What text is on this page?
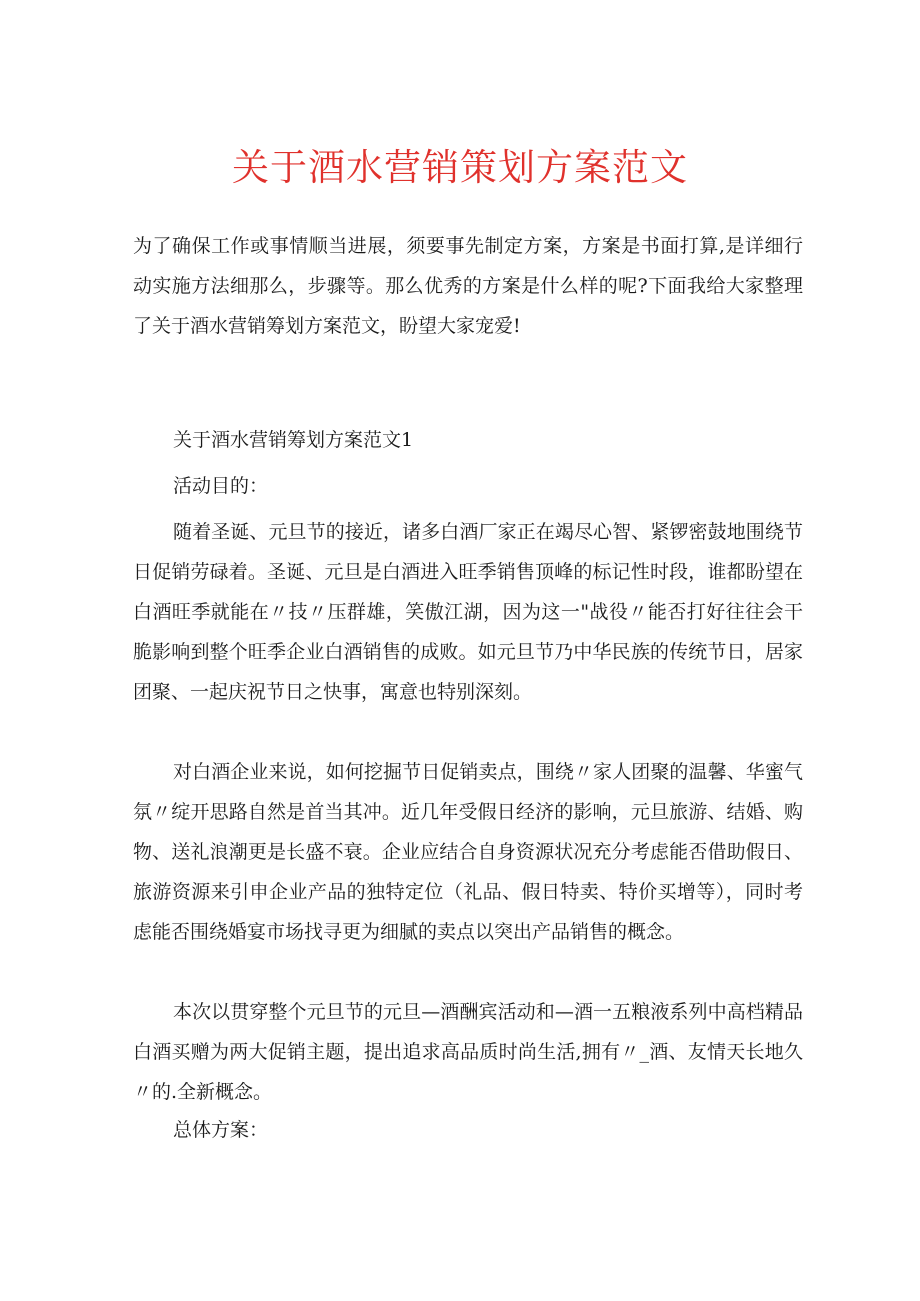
关于酒水营销策划方案范文

为了确保工作或事情顺当进展，须要事先制定方案，方案是书面打算,是详细行动实施方法细那么，步骤等。那么优秀的方案是什么样的呢?下面我给大家整理了关于酒水营销筹划方案范文，盼望大家宠爱!

关于酒水营销筹划方案范文1

活动目的：

随着圣诞、元旦节的接近，诸多白酒厂家正在竭尽心智、紧锣密鼓地围绕节日促销劳碌着。圣诞、元旦是白酒进入旺季销售顶峰的标记性时段，谁都盼望在白酒旺季就能在〃技〃压群雄，笑傲江湖，因为这一"战役〃能否打好往往会干脆影响到整个旺季企业白酒销售的成败。如元旦节乃中华民族的传统节日，居家团聚、一起庆祝节日之快事，寓意也特别深刻。

对白酒企业来说，如何挖掘节日促销卖点，围绕〃家人团聚的温馨、华蜜气氛〃绽开思路自然是首当其冲。近几年受假日经济的影响，元旦旅游、结婚、购物、送礼浪潮更是长盛不衰。企业应结合自身资源状况充分考虑能否借助假日、旅游资源来引申企业产品的独特定位（礼品、假日特卖、特价买增等），同时考虑能否围绕婚宴市场找寻更为细腻的卖点以突出产品销售的概念。

本次以贯穿整个元旦节的元旦—酒酬宾活动和—酒一五粮液系列中高档精品白酒买赠为两大促销主题，提出追求高品质时尚生活,拥有〃_酒、友情天长地久〃的.全新概念。

总体方案：
